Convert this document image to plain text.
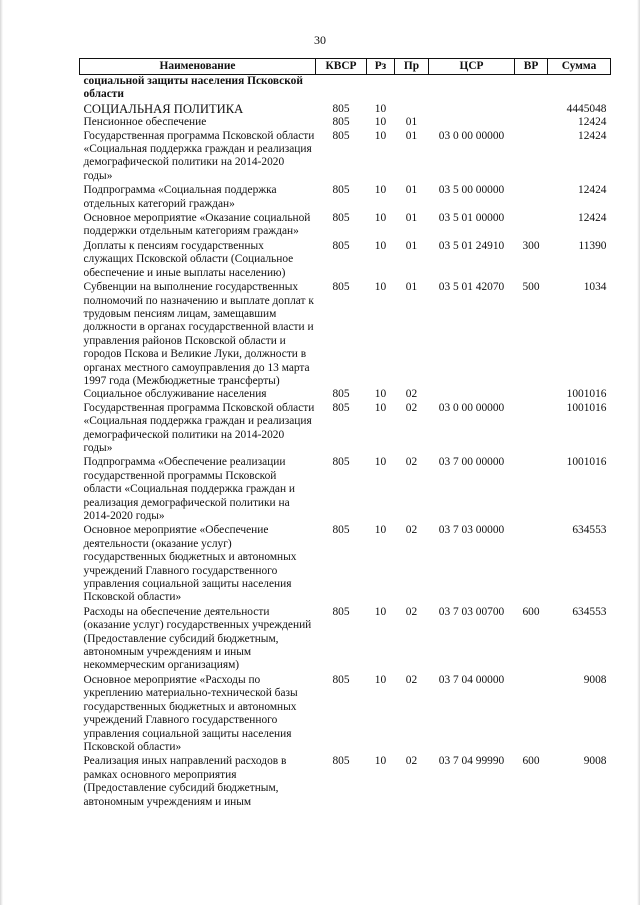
30
Наименование	КВСР	Рз	Пр	ЦСР	ВР	Сумма
социальной защиты населения Псковской области						
СОЦИАЛЬНАЯ ПОЛИТИКА	805	10				4445048
Пенсионное обеспечение	805	10	01			12424
Государственная программа Псковской области «Социальная поддержка граждан и реализация демографической политики на 2014-2020 годы»	805	10	01	03 0 00 00000		12424
Подпрограмма «Социальная поддержка отдельных категорий граждан»	805	10	01	03 5 00 00000		12424
Основное мероприятие «Оказание социальной поддержки отдельным категориям граждан»	805	10	01	03 5 01 00000		12424
Доплаты к пенсиям государственных служащих Псковской области (Социальное обеспечение и иные выплаты населению)	805	10	01	03 5 01 24910	300	11390
Субвенции на выполнение государственных полномочий по назначению и выплате доплат к трудовым пенсиям лицам, замещавшим должности в органах государственной власти и управления районов Псковской области и городов Пскова и Великие Луки, должности в органах местного самоуправления до 13 марта 1997 года (Межбюджетные трансферты)	805	10	01	03 5 01 42070	500	1034
Социальное обслуживание населения	805	10	02			1001016
Государственная программа Псковской области «Социальная поддержка граждан и реализация демографической политики на 2014-2020 годы»	805	10	02	03 0 00 00000		1001016
Подпрограмма «Обеспечение реализации государственной программы Псковской области «Социальная поддержка граждан и реализация демографической политики на 2014-2020 годы»	805	10	02	03 7 00 00000		1001016
Основное мероприятие «Обеспечение деятельности (оказание услуг) государственных бюджетных и автономных учреждений Главного государственного управления социальной защиты населения Псковской области»	805	10	02	03 7 03 00000		634553
Расходы на обеспечение деятельности (оказание услуг) государственных учреждений (Предоставление субсидий бюджетным, автономным учреждениям и иным некоммерческим организациям)	805	10	02	03 7 03 00700	600	634553
Основное мероприятие «Расходы по укреплению материально-технической базы государственных бюджетных и автономных учреждений Главного государственного управления социальной защиты населения Псковской области»	805	10	02	03 7 04 00000		9008
Реализация иных направлений расходов в рамках основного мероприятия (Предоставление субсидий бюджетным, автономным учреждениям и иным	805	10	02	03 7 04 99990	600	9008
